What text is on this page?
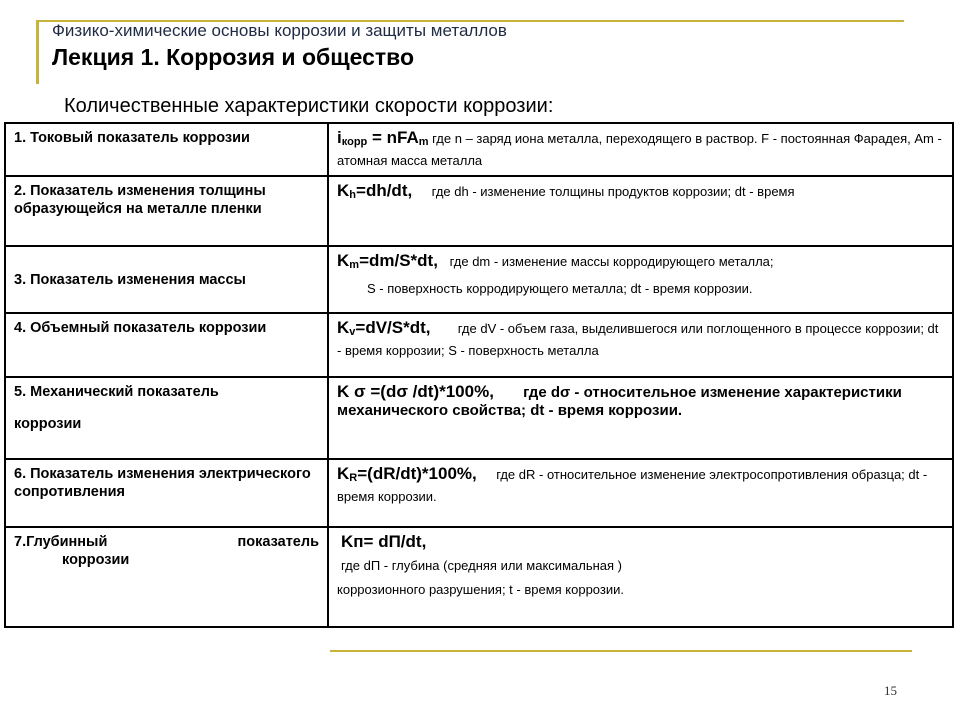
Физико-химические основы коррозии и защиты металлов
Лекция 1. Коррозия и общество
Количественные характеристики скорости коррозии:
1. Токовый показатель коррозии	$i_{корр} = nFA_m$ где n – заряд иона металла, переходящего в раствор. F - постоянная Фарадея, Am - атомная масса металла
2. Показатель изменения толщины образующейся на металле пленки	$K_h=dh/dt$, где dh - изменение толщины продуктов коррозии; dt - время
3. Показатель изменения массы	$K_m=dm/S*dt$, где dm - изменение массы корродирующего металла;
S - поверхность корродирующего металла; dt - время коррозии.

4. Объемный показатель коррозии	$K_v=dV/S*dt$, где dV - объем газа, выделившегося или поглощенного в процессе коррозии; dt - время коррозии; S - поверхность металла
5. Механический показатель
коррозии	K σ =(dσ /dt)*100%, где dσ - относительное изменение характеристики механического свойства; dt - время коррозии.
6. Показатель изменения электрического сопротивления	$K_R=(dR/dt)*100\%$, где dR - относительное изменение электросопротивления образца; dt - время коррозии.

7.Глубинный показатель
коррозии	Kп= dП/dt,
где dП - глубина (средняя или максимальная )
коррозионного разрушения; t - время коррозии.
15
